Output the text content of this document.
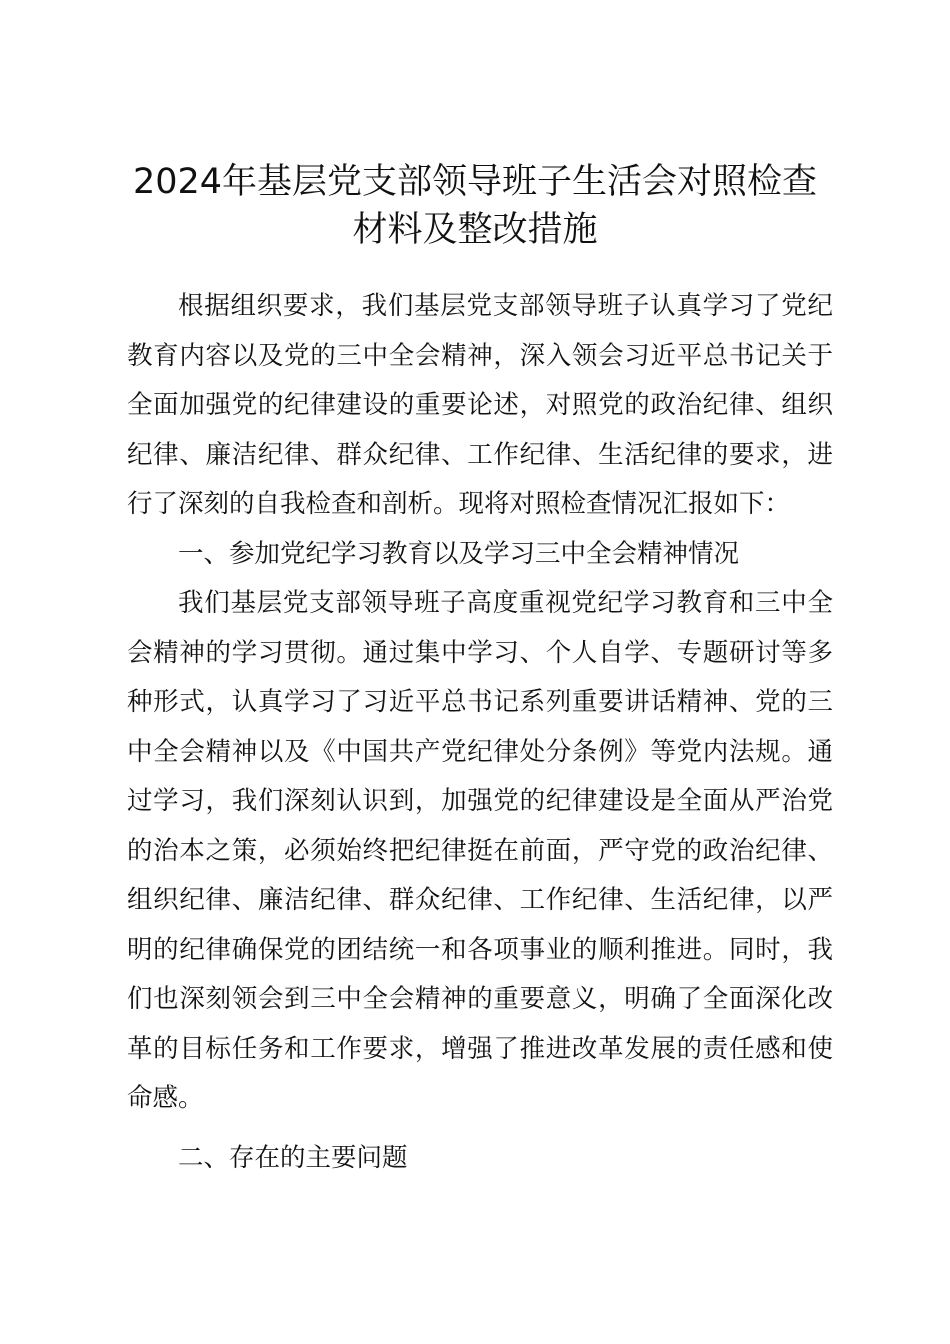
2024年基层党支部领导班子生活会对照检查材料及整改措施

根据组织要求，我们基层党支部领导班子认真学习了党纪教育内容以及党的三中全会精神，深入领会习近平总书记关于全面加强党的纪律建设的重要论述，对照党的政治纪律、组织纪律、廉洁纪律、群众纪律、工作纪律、生活纪律的要求，进行了深刻的自我检查和剖析。现将对照检查情况汇报如下：

一、参加党纪学习教育以及学习三中全会精神情况

我们基层党支部领导班子高度重视党纪学习教育和三中全会精神的学习贯彻。通过集中学习、个人自学、专题研讨等多种形式，认真学习了习近平总书记系列重要讲话精神、党的三中全会精神以及《中国共产党纪律处分条例》等党内法规。通过学习，我们深刻认识到，加强党的纪律建设是全面从严治党的治本之策，必须始终把纪律挺在前面，严守党的政治纪律、组织纪律、廉洁纪律、群众纪律、工作纪律、生活纪律，以严明的纪律确保党的团结统一和各项事业的顺利推进。同时，我们也深刻领会到三中全会精神的重要意义，明确了全面深化改革的目标任务和工作要求，增强了推进改革发展的责任感和使命感。

二、存在的主要问题
